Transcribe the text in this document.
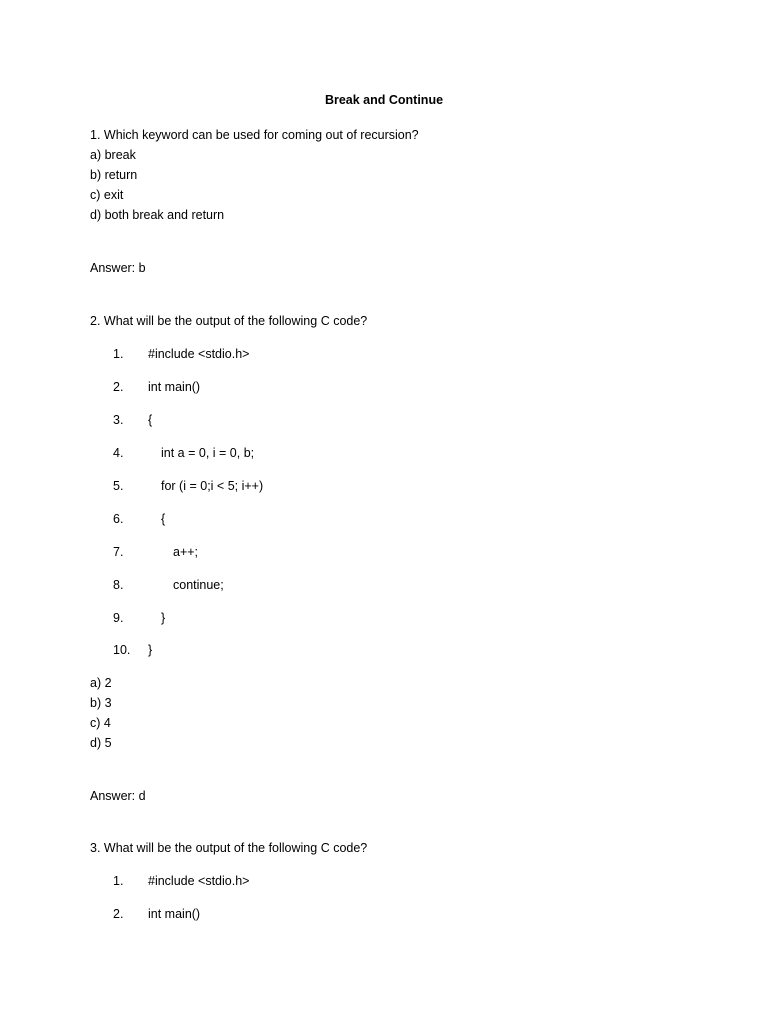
Break and Continue
1. Which keyword can be used for coming out of recursion?
a) break
b) return
c) exit
d) both break and return
Answer: b
2. What will be the output of the following C code?
1. #include <stdio.h>
2. int main()
3. {
4.	int a = 0, i = 0, b;
5.	for (i = 0;i < 5; i++)
6.	{
7.	a++;
8.	continue;
9.	}
10. }
a) 2
b) 3
c) 4
d) 5
Answer: d
3. What will be the output of the following C code?
1. #include <stdio.h>
2. int main()
